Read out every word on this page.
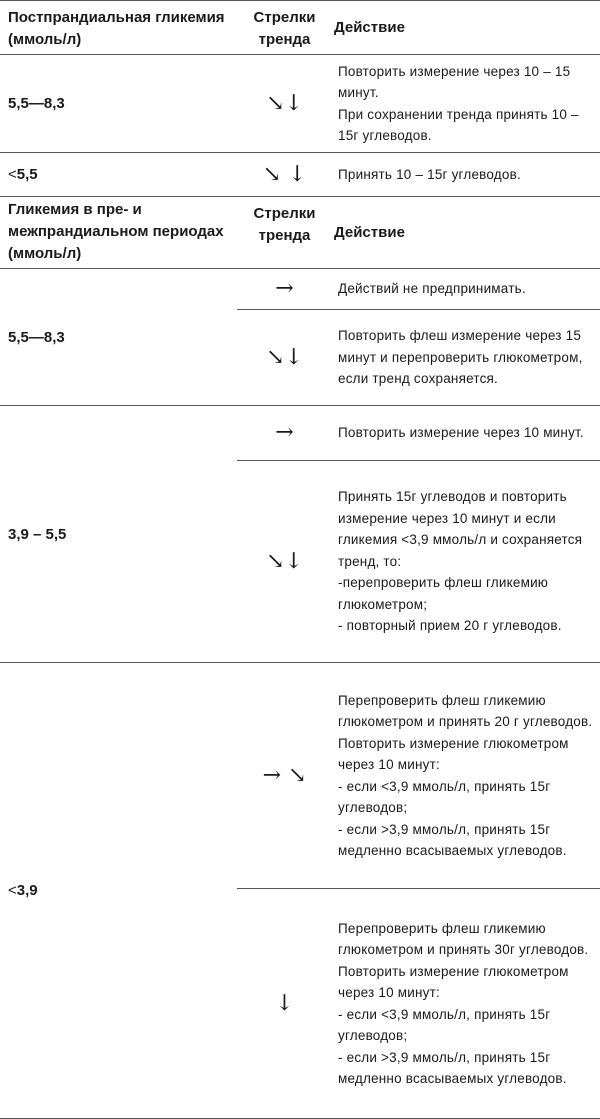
Постпрандиальная гликемия (ммоль/л)	Стрелки тренда	Действие
5,5—8,3	↘↓	Повторить измерение через 10 – 15 минут.
При сохранении тренда принять 10 – 15г углеводов.
<5,5	↘ ↓	Принять 10 – 15г углеводов.
Гликемия в пре- и межпрандиальном периодах (ммоль/л)	Стрелки тренда	Действие
5,5—8,3	→	Действий не предпринимать.
	↘↓	Повторить флеш измерение через 15 минут и перепроверить глюкометром, если тренд сохраняется.
3,9 – 5,5	→	Повторить измерение через 10 минут.
	↘↓	Принять 15г углеводов и повторить измерение через 10 минут и если гликемия <3,9 ммоль/л и сохраняется тренд, то:
-перепроверить флеш гликемию глюкометром;
- повторный прием 20 г углеводов.
<3,9	→ ↘	Перепроверить флеш гликемию глюкометром и принять 20 г углеводов.
Повторить измерение глюкометром через 10 минут:
- если <3,9 ммоль/л, принять 15г углеводов;
- если >3,9 ммоль/л, принять 15г медленно всасываемых углеводов.
	↓	Перепроверить флеш гликемию глюкометром и принять 30г углеводов. Повторить измерение глюкометром через 10 минут:
- если <3,9 ммоль/л, принять 15г углеводов;
- если >3,9 ммоль/л, принять 15г медленно всасываемых углеводов.
